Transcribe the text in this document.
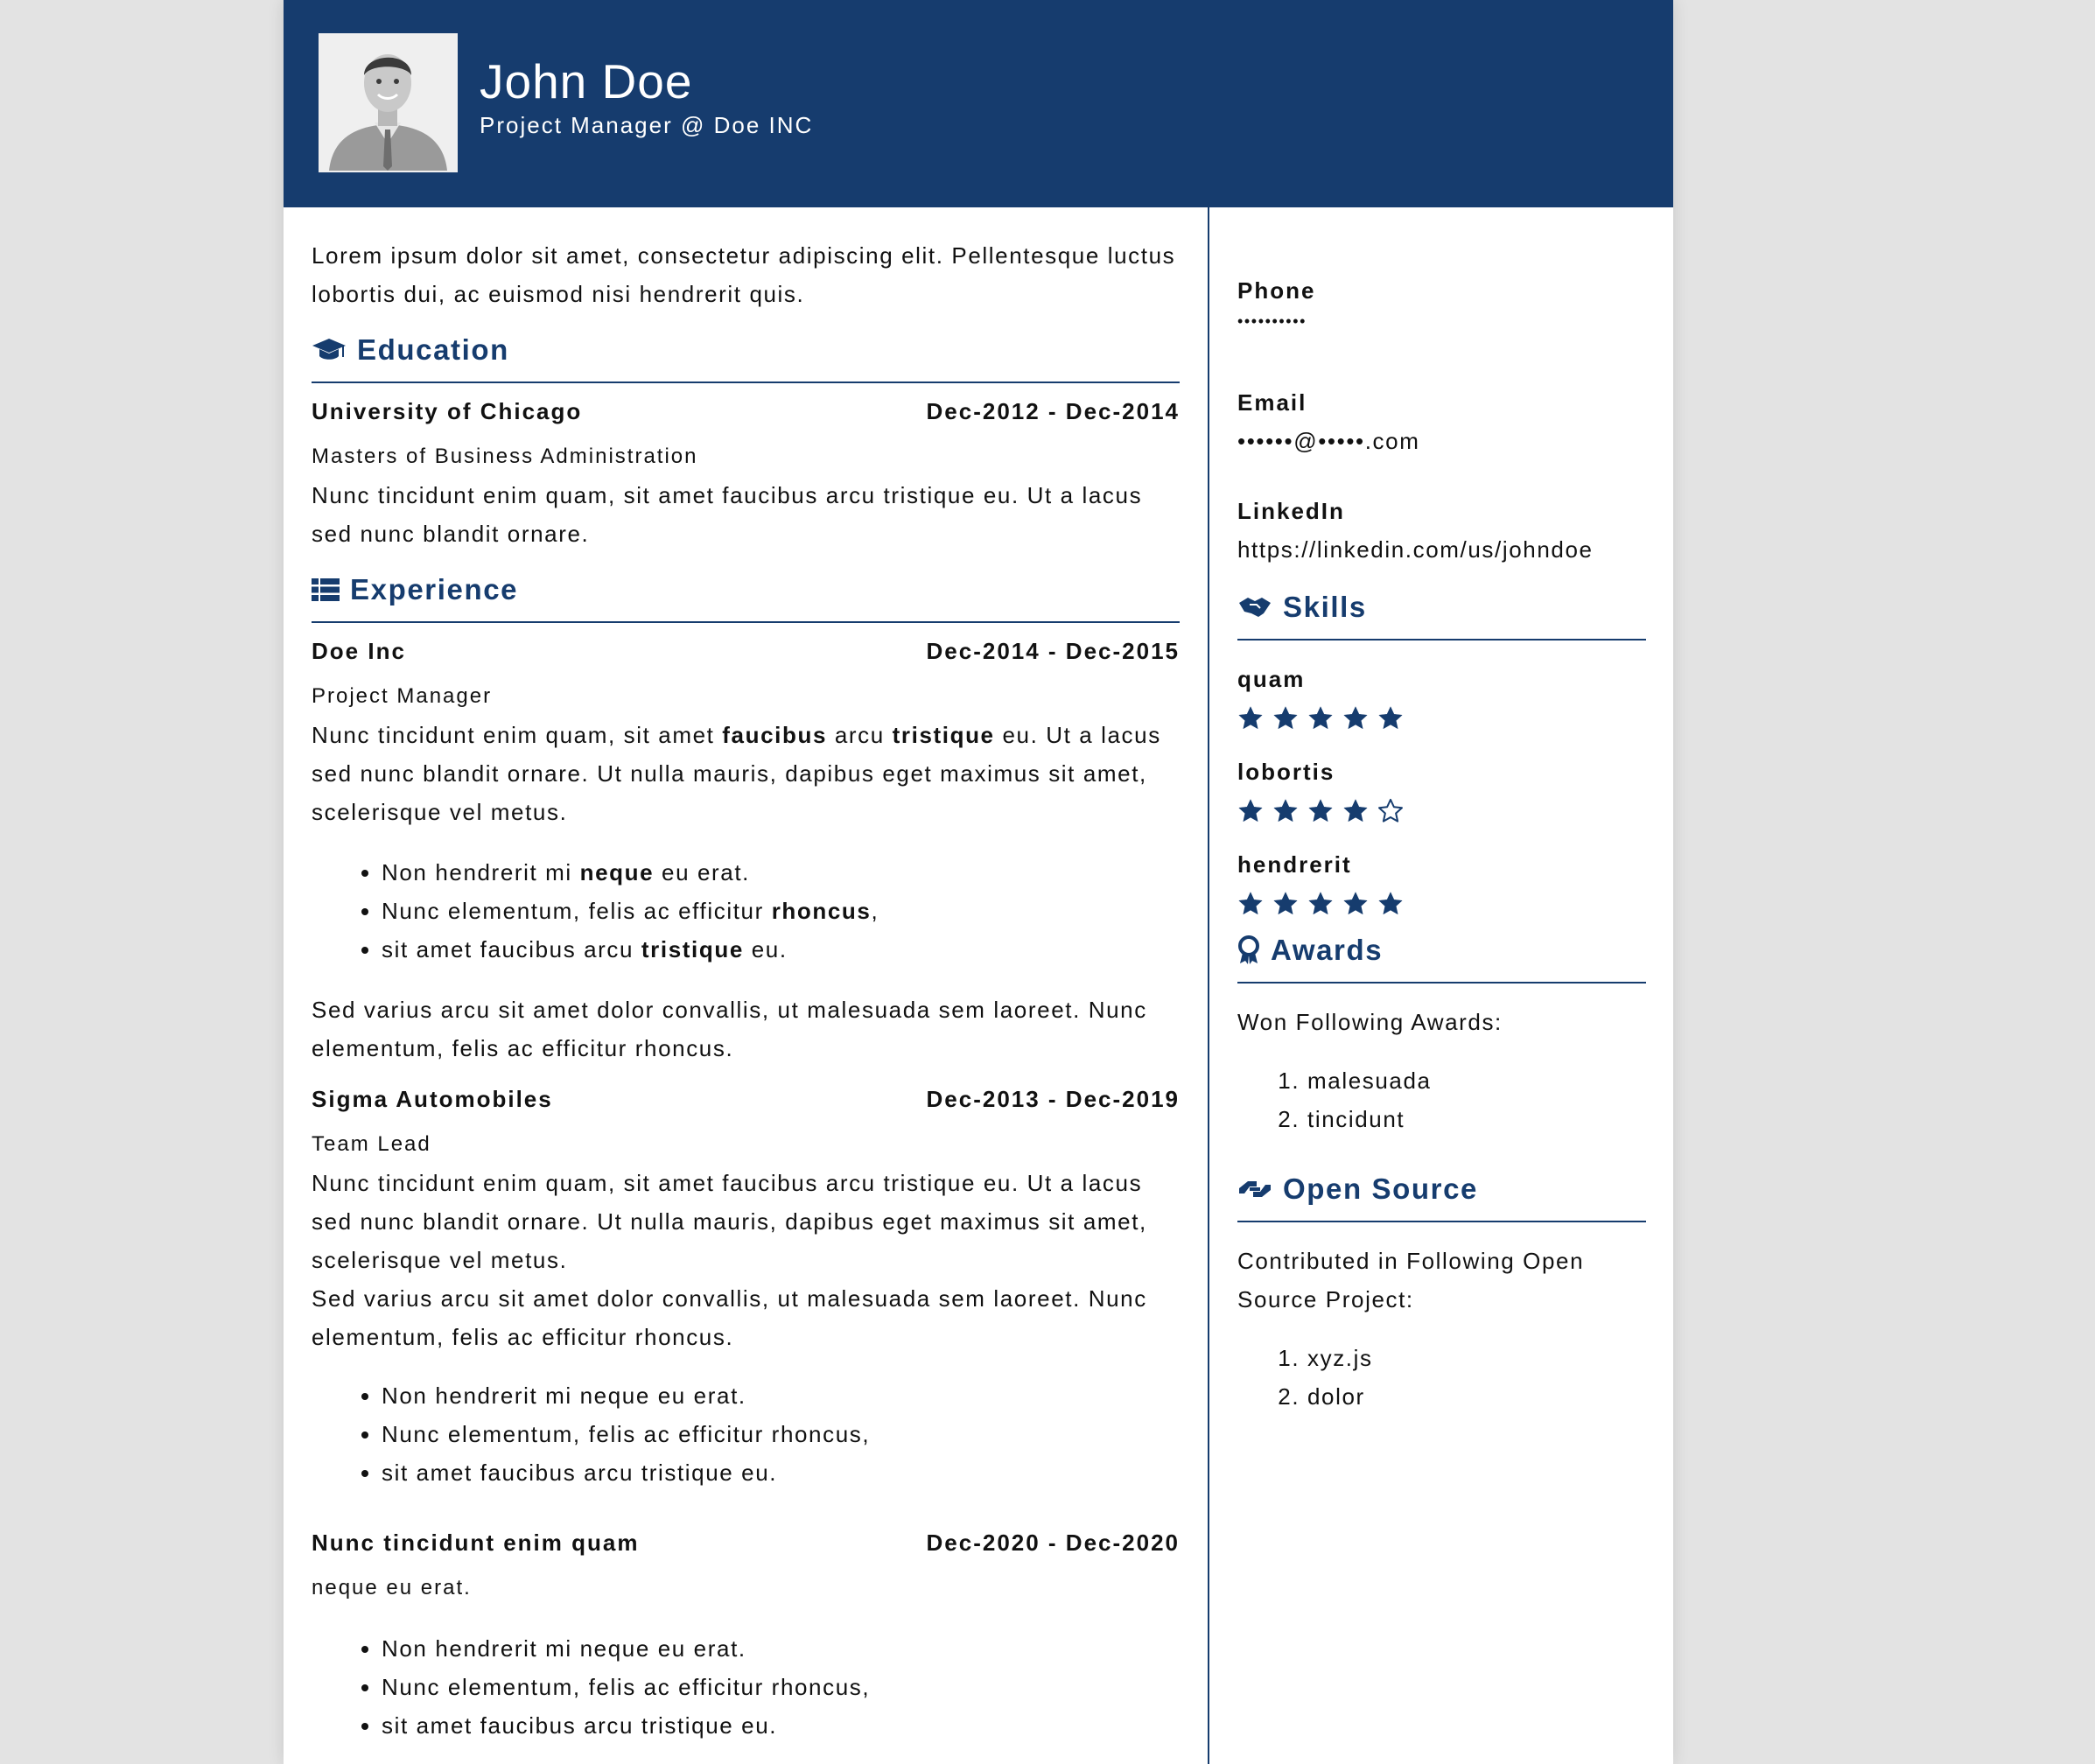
John Doe
Project Manager @ Doe INC

Lorem ipsum dolor sit amet, consectetur adipiscing elit. Pellentesque luctus lobortis dui, ac euismod nisi hendrerit quis.

Education
University of Chicago	Dec-2012 - Dec-2014
Masters of Business Administration

Nunc tincidunt enim quam, sit amet faucibus arcu tristique eu. Ut a lacus sed nunc blandit ornare.

Experience
Doe Inc	Dec-2014 - Dec-2015
Project Manager

Nunc tincidunt enim quam, sit amet faucibus arcu tristique eu. Ut a lacus sed nunc blandit ornare. Ut nulla mauris, dapibus eget maximus sit amet, scelerisque vel metus.

• Non hendrerit mi neque eu erat.
• Nunc elementum, felis ac efficitur rhoncus,
• sit amet faucibus arcu tristique eu.

Sed varius arcu sit amet dolor convallis, ut malesuada sem laoreet. Nunc elementum, felis ac efficitur rhoncus.

Sigma Automobiles	Dec-2013 - Dec-2019
Team Lead

Nunc tincidunt enim quam, sit amet faucibus arcu tristique eu. Ut a lacus sed nunc blandit ornare. Ut nulla mauris, dapibus eget maximus sit amet, scelerisque vel metus.

Sed varius arcu sit amet dolor convallis, ut malesuada sem laoreet. Nunc elementum, felis ac efficitur rhoncus.

• Non hendrerit mi neque eu erat.
• Nunc elementum, felis ac efficitur rhoncus,
• sit amet faucibus arcu tristique eu.
Nunc tincidunt enim quam	Dec-2020 - Dec-2020
neque eu erat.
• Non hendrerit mi neque eu erat.
• Nunc elementum, felis ac efficitur rhoncus,
• sit amet faucibus arcu tristique eu.
Phone
••••••••••
Email
••••••@•••••.com
LinkedIn
https://linkedin.com/us/johndoe
Skills
quam
lobortis
hendrerit
Awards

Won Following Awards:

1. malesuada
2. tincidunt
Open Source

Contributed in Following Open Source Project:

1. xyz.js
2. dolor
